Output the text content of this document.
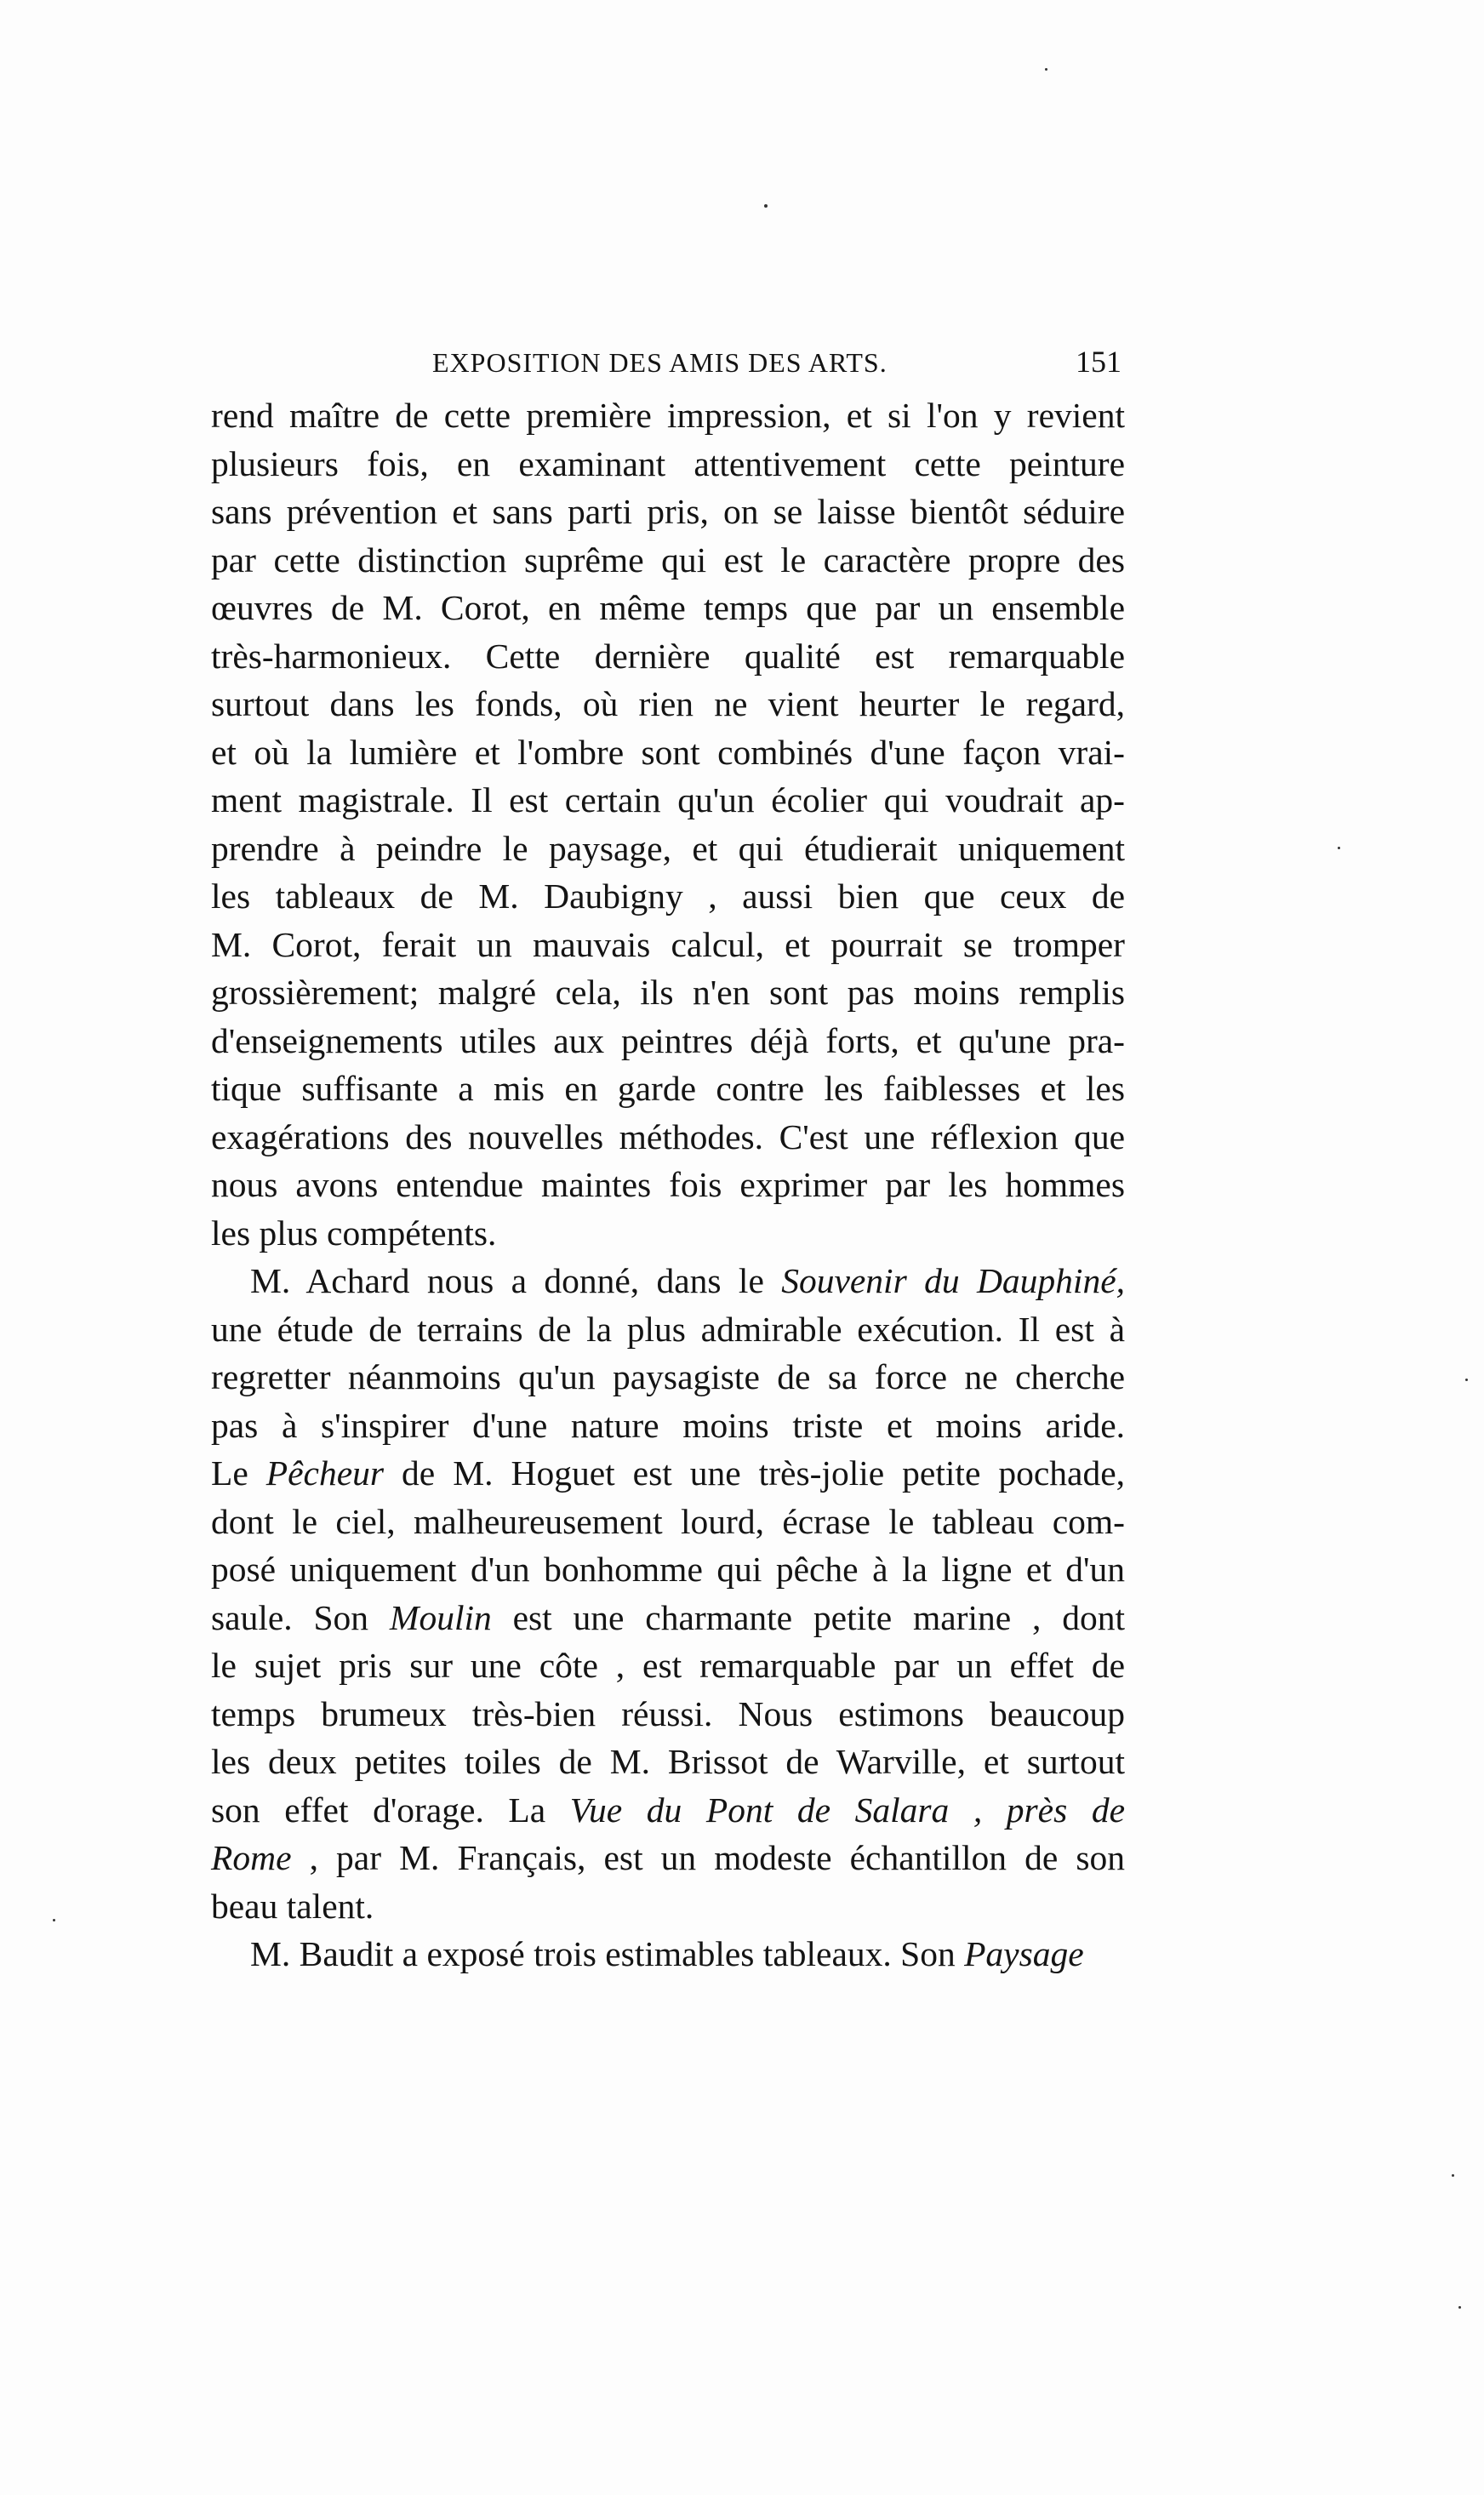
EXPOSITION DES AMIS DES ARTS.	151
rend maître de cette première impression, et si l'on y revient
plusieurs fois, en examinant attentivement cette peinture
sans prévention et sans parti pris, on se laisse bientôt séduire
par cette distinction suprême qui est le caractère propre des
œuvres de M. Corot, en même temps que par un ensemble
très-harmonieux. Cette dernière qualité est remarquable
surtout dans les fonds, où rien ne vient heurter le regard,
et où la lumière et l'ombre sont combinés d'une façon vrai-
ment magistrale. Il est certain qu'un écolier qui voudrait ap-
prendre à peindre le paysage, et qui étudierait uniquement
les tableaux de M. Daubigny , aussi bien que ceux de
M. Corot, ferait un mauvais calcul, et pourrait se tromper
grossièrement; malgré cela, ils n'en sont pas moins remplis
d'enseignements utiles aux peintres déjà forts, et qu'une pra-
tique suffisante a mis en garde contre les faiblesses et les
exagérations des nouvelles méthodes. C'est une réflexion que
nous avons entendue maintes fois exprimer par les hommes
les plus compétents.
M. Achard nous a donné, dans le Souvenir du Dauphiné,
une étude de terrains de la plus admirable exécution. Il est à
regretter néanmoins qu'un paysagiste de sa force ne cherche
pas à s'inspirer d'une nature moins triste et moins aride.
Le Pêcheur de M. Hoguet est une très-jolie petite pochade,
dont le ciel, malheureusement lourd, écrase le tableau com-
posé uniquement d'un bonhomme qui pêche à la ligne et d'un
saule. Son Moulin est une charmante petite marine , dont
le sujet pris sur une côte , est remarquable par un effet de
temps brumeux très-bien réussi. Nous estimons beaucoup
les deux petites toiles de M. Brissot de Warville, et surtout
son effet d'orage. La Vue du Pont de Salara , près de
Rome , par M. Français, est un modeste échantillon de son
beau talent.
M. Baudit a exposé trois estimables tableaux. Son Paysage
